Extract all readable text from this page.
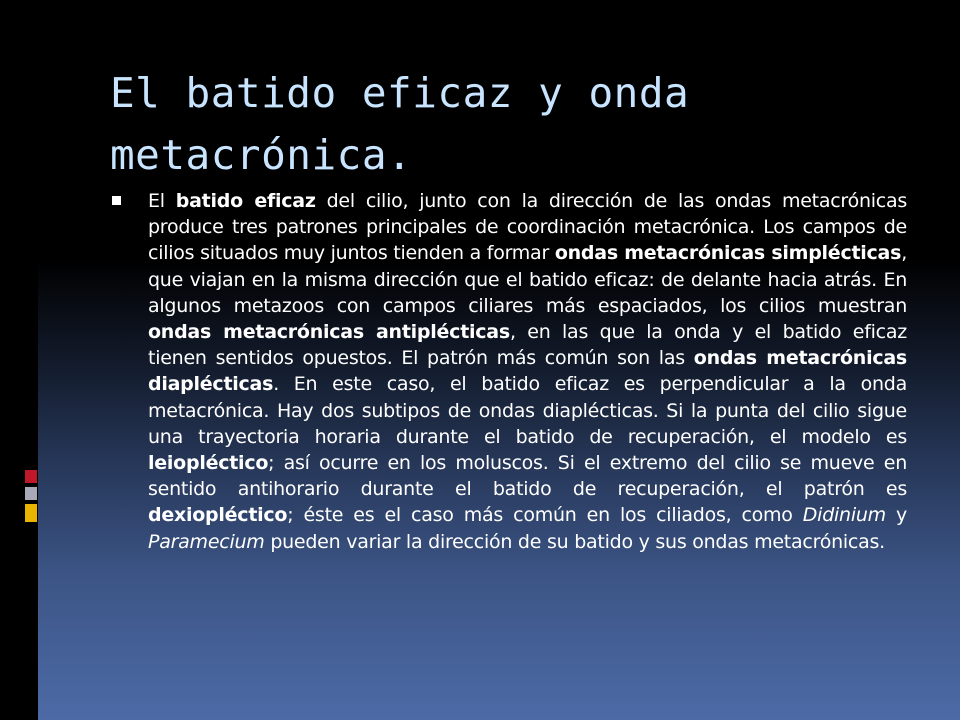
El batido eficaz y onda metacrónica.

El batido eficaz del cilio, junto con la dirección de las ondas metacrónicas produce tres patrones principales de coordinación metacrónica. Los campos de cilios situados muy juntos tienden a formar ondas metacrónicas simplécticas, que viajan en la misma dirección que el batido eficaz: de delante hacia atrás. En algunos metazoos con campos ciliares más espaciados, los cilios muestran ondas metacrónicas antiplécticas, en las que la onda y el batido eficaz tienen sentidos opuestos. El patrón más común son las ondas metacrónicas diaplécticas. En este caso, el batido eficaz es perpendicular a la onda metacrónica. Hay dos subtipos de ondas diaplécticas. Si la punta del cilio sigue una trayectoria horaria durante el batido de recuperación, el modelo es leiopléctico; así ocurre en los moluscos. Si el extremo del cilio se mueve en sentido antihorario durante el batido de recuperación, el patrón es dexiopléctico; éste es el caso más común en los ciliados, como Didinium y Paramecium pueden variar la dirección de su batido y sus ondas metacrónicas.
